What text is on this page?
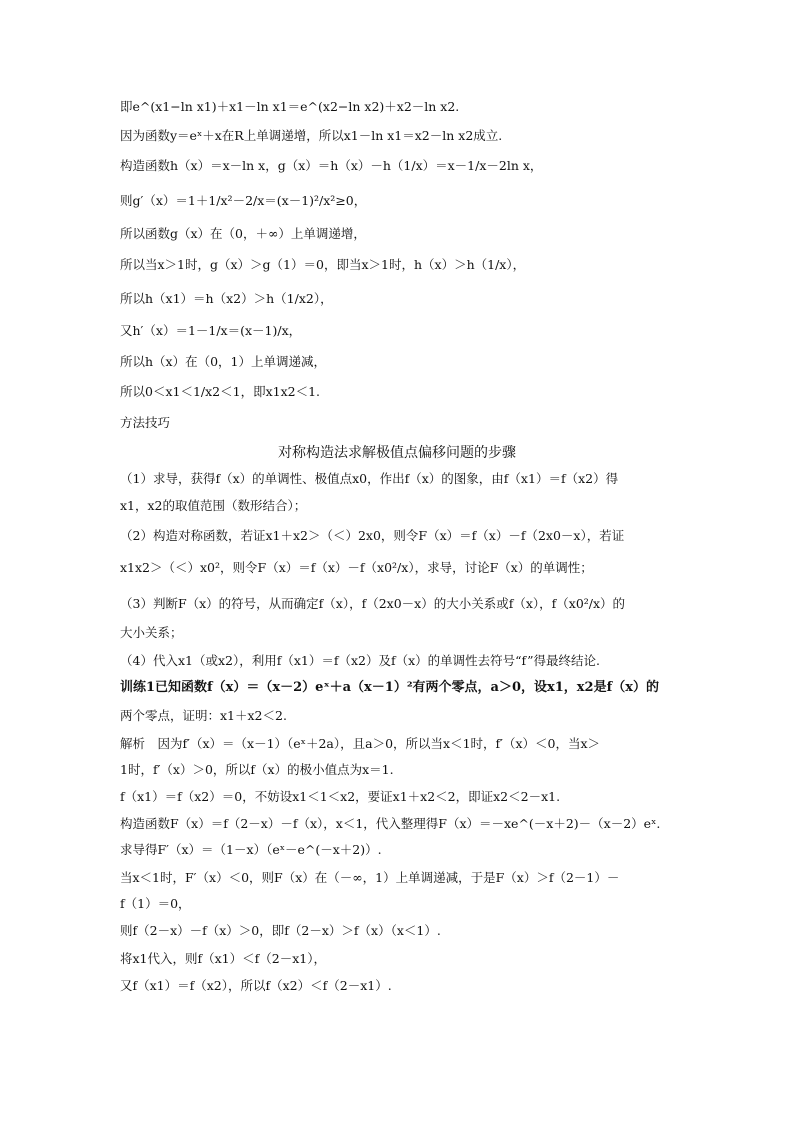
即e^(x1−ln x1)＋x1－ln x1＝e^(x2−ln x2)＋x2－ln x2.
因为函数y＝eˣ＋x在R上单调递增，所以x1－ln x1＝x2－ln x2成立.
构造函数h（x）＝x－ln x，g（x）＝h（x）－h（1/x）＝x－1/x－2ln x，
则g′（x）＝1＋1/x²－2/x＝(x－1)²/x²≥0，
所以函数g（x）在（0，＋∞）上单调递增，
所以当x＞1时，g（x）＞g（1）＝0，即当x＞1时，h（x）＞h（1/x），
所以h（x1）＝h（x2）＞h（1/x2），
又h′（x）＝1－1/x＝(x－1)/x，
所以h（x）在（0，1）上单调递减，
所以0＜x1＜1/x2＜1，即x1x2＜1.
方法技巧
对称构造法求解极值点偏移问题的步骤
（1）求导，获得f（x）的单调性、极值点x0，作出f（x）的图象，由f（x1）＝f（x2）得
x1，x2的取值范围（数形结合）；
（2）构造对称函数，若证x1＋x2＞（＜）2x0，则令F（x）＝f（x）－f（2x0－x），若证
x1x2＞（＜）x0²，则令F（x）＝f（x）－f（x0²/x），求导，讨论F（x）的单调性；
（3）判断F（x）的符号，从而确定f（x），f（2x0－x）的大小关系或f（x），f（x0²/x）的
大小关系；
（4）代入x1（或x2），利用f（x1）＝f（x2）及f（x）的单调性去符号“f”得最终结论.
训练1已知函数f（x）＝（x－2）eˣ＋a（x－1）²有两个零点，a＞0，设x1，x2是f（x）的
两个零点，证明：x1＋x2＜2.
解析　因为f′（x）＝（x－1）（eˣ＋2a），且a＞0，所以当x＜1时，f′（x）＜0，当x＞
1时，f′（x）＞0，所以f（x）的极小值点为x＝1.
f（x1）＝f（x2）＝0，不妨设x1＜1＜x2，要证x1＋x2＜2，即证x2＜2－x1.
构造函数F（x）＝f（2－x）－f（x），x＜1，代入整理得F（x）＝－xe^(－x＋2)－（x－2）eˣ.
求导得F′（x）＝（1－x）（eˣ－e^(－x＋2)）.
当x＜1时，F′（x）＜0，则F（x）在（－∞，1）上单调递减，于是F（x）＞f（2－1）－
f（1）＝0，
则f（2－x）－f（x）＞0，即f（2－x）＞f（x）（x＜1）.
将x1代入，则f（x1）＜f（2－x1），
又f（x1）＝f（x2），所以f（x2）＜f（2－x1）.
